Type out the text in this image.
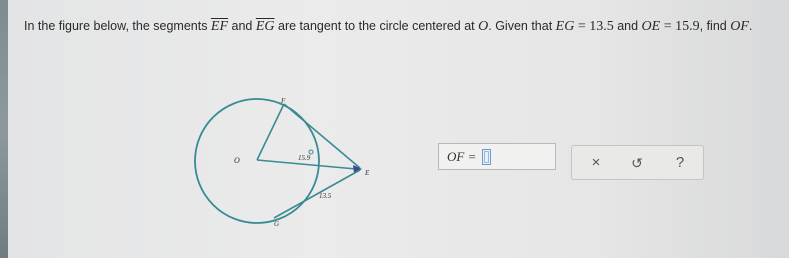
In the figure below, the segments $\overline{EF}$ and $\overline{EG}$ are tangent to the circle centered at O. Given that EG = 13.5 and OE = 15.9, find OF.
F
O
E
G
15.9
13.5
OF =	×	↺	?
